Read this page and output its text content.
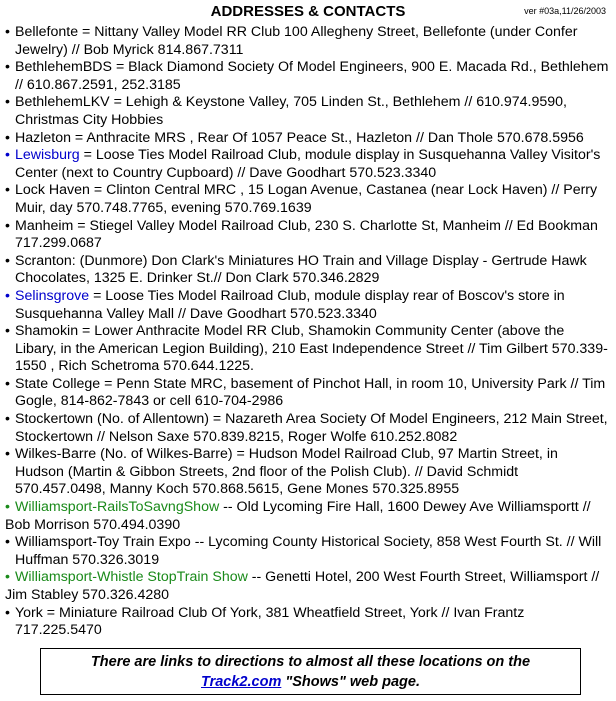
ADDRESSES & CONTACTS	ver #03a,11/26/2003
• Bellefonte = Nittany Valley Model RR Club 100 Allegheny Street, Bellefonte (under Confer Jewelry) // Bob Myrick 814.867.7311
• BethlehemBDS = Black Diamond Society Of Model Engineers, 900 E. Macada Rd., Bethlehem // 610.867.2591, 252.3185
• BethlehemLKV = Lehigh & Keystone Valley, 705 Linden St., Bethlehem // 610.974.9590, Christmas City Hobbies
• Hazleton = Anthracite MRS , Rear Of 1057 Peace St., Hazleton // Dan Thole 570.678.5956
• Lewisburg = Loose Ties Model Railroad Club, module display in Susquehanna Valley Visitor's Center (next to Country Cupboard) // Dave Goodhart 570.523.3340
• Lock Haven = Clinton Central MRC , 15 Logan Avenue, Castanea (near Lock Haven) // Perry Muir, day 570.748.7765, evening 570.769.1639
• Manheim = Stiegel Valley Model Railroad Club, 230 S. Charlotte St, Manheim // Ed Bookman 717.299.0687
• Scranton: (Dunmore) Don Clark's Miniatures HO Train and Village Display - Gertrude Hawk Chocolates, 1325 E. Drinker St.// Don Clark 570.346.2829
• Selinsgrove = Loose Ties Model Railroad Club, module display rear of Boscov's store in Susquehanna Valley Mall // Dave Goodhart 570.523.3340
• Shamokin = Lower Anthracite Model RR Club, Shamokin Community Center (above the Libary, in the American Legion Building), 210 East Independence Street // Tim Gilbert 570.339-1550 , Rich Schetroma 570.644.1225.
• State College = Penn State MRC, basement of Pinchot Hall, in room 10, University Park // Tim Gogle, 814-862-7843 or cell 610-704-2986
• Stockertown (No. of Allentown) = Nazareth Area Society Of Model Engineers, 212 Main Street, Stockertown // Nelson Saxe 570.839.8215, Roger Wolfe 610.252.8082
• Wilkes-Barre (No. of Wilkes-Barre) = Hudson Model Railroad Club, 97 Martin Street, in Hudson (Martin & Gibbon Streets, 2nd floor of the Polish Club). // David Schmidt 570.457.0498, Manny Koch 570.868.5615, Gene Mones 570.325.8955
• Williamsport-RailsToSavngShow -- Old Lycoming Fire Hall, 1600 Dewey Ave Williamsportt // Bob Morrison 570.494.0390
• Williamsport-Toy Train Expo -- Lycoming County Historical Society, 858 West Fourth St. // Will Huffman 570.326.3019
• Williamsport-Whistle StopTrain Show -- Genetti Hotel, 200 West Fourth Street, Williamsport // Jim Stabley 570.326.4280
• York = Miniature Railroad Club Of York, 381 Wheatfield Street, York // Ivan Frantz 717.225.5470
There are links to directions to almost all these locations on the
Track2.com "Shows" web page.
